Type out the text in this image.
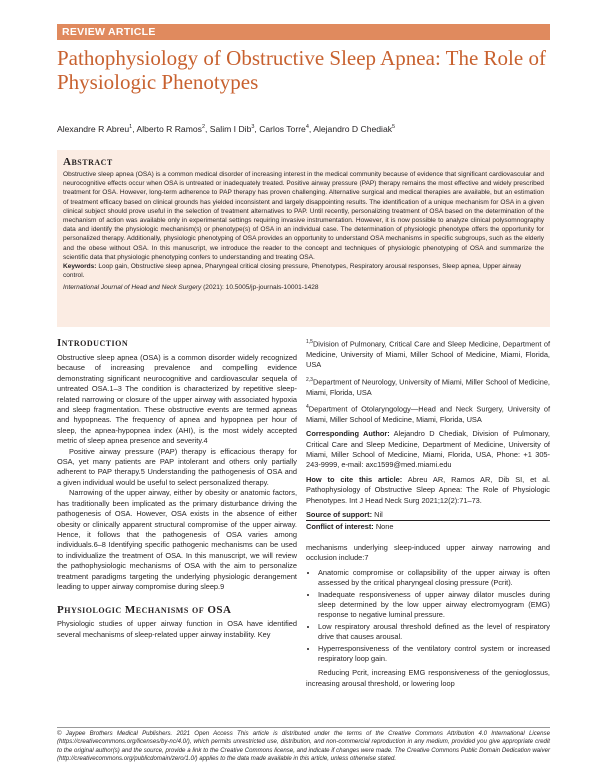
REVIEW ARTICLE
Pathophysiology of Obstructive Sleep Apnea: The Role of Physiologic Phenotypes
Alexandre R Abreu$^1$, Alberto R Ramos$^2$, Salim I Dib$^3$, Carlos Torre$^4$, Alejandro D Chediak$^5$
Abstract

Obstructive sleep apnea (OSA) is a common medical disorder of increasing interest in the medical community because of evidence that significant cardiovascular and neurocognitive effects occur when OSA is untreated or inadequately treated. Positive airway pressure (PAP) therapy remains the most effective and widely prescribed treatment for OSA. However, long-term adherence to PAP therapy has proven challenging. Alternative surgical and medical therapies are available, but an estimation of treatment efficacy based on clinical grounds has yielded inconsistent and largely disappointing results. The identification of a unique mechanism for OSA in a given clinical subject should prove useful in the selection of treatment alternatives to PAP. Until recently, personalizing treatment of OSA based on the determination of the mechanism of action was available only in experimental settings requiring invasive instrumentation. However, it is now possible to analyze clinical polysomnography data and identify the physiologic mechanism(s) or phenotype(s) of OSA in an individual case. The determination of physiologic phenotype offers the opportunity for personalized therapy. Additionally, physiologic phenotyping of OSA provides an opportunity to understand OSA mechanisms in specific subgroups, such as the elderly and the obese without OSA. In this manuscript, we introduce the reader to the concept and techniques of physiologic phenotyping of OSA and summarize the scientific data that physiologic phenotyping confers to understanding and treating OSA.

Keywords: Loop gain, Obstructive sleep apnea, Pharyngeal critical closing pressure, Phenotypes, Respiratory arousal responses, Sleep apnea, Upper airway control.

International Journal of Head and Neck Surgery (2021): 10.5005/jp-journals-10001-1428

Introduction

Obstructive sleep apnea (OSA) is a common disorder widely recognized because of increasing prevalence and compelling evidence demonstrating significant neurocognitive and cardiovascular sequela of untreated OSA.1–3 The condition is characterized by repetitive sleep-related narrowing or closure of the upper airway with associated hypoxia and sleep fragmentation. These obstructive events are termed apneas and hypopneas. The frequency of apnea and hypopnea per hour of sleep, the apnea-hypopnea index (AHI), is the most widely accepted metric of sleep apnea presence and severity.4

Positive airway pressure (PAP) therapy is efficacious therapy for OSA, yet many patients are PAP intolerant and others only partially adherent to PAP therapy.5 Understanding the pathogenesis of OSA and a given individual would be useful to select personalized therapy.

Narrowing of the upper airway, either by obesity or anatomic factors, has traditionally been implicated as the primary disturbance driving the pathogenesis of OSA. However, OSA exists in the absence of either obesity or clinically apparent structural compromise of the upper airway. Hence, it follows that the pathogenesis of OSA varies among individuals.6–8 Identifying specific pathogenic mechanisms can be used to individualize the treatment of OSA. In this manuscript, we will review the pathophysiologic mechanisms of OSA with the aim to personalize treatment paradigms targeting the underlying physiologic derangement leading to upper airway compromise during sleep.9

Physiologic Mechanisms of OSA

Physiologic studies of upper airway function in OSA have identified several mechanisms of sleep-related upper airway instability. Key

$^{1,5}$Division of Pulmonary, Critical Care and Sleep Medicine, Department of Medicine, University of Miami, Miller School of Medicine, Miami, Florida, USA

$^{2,3}$Department of Neurology, University of Miami, Miller School of Medicine, Miami, Florida, USA

$^4$Department of Otolaryngology—Head and Neck Surgery, University of Miami, Miller School of Medicine, Miami, Florida, USA

Corresponding Author: Alejandro D Chediak, Division of Pulmonary, Critical Care and Sleep Medicine, Department of Medicine, University of Miami, Miller School of Medicine, Miami, Florida, USA, Phone: +1 305-243-9999, e-mail: axc1599@med.miami.edu

How to cite this article: Abreu AR, Ramos AR, Dib SI, et al. Pathophysiology of Obstructive Sleep Apnea: The Role of Physiologic Phenotypes. Int J Head Neck Surg 2021;12(2):71–73.

Source of support: Nil

Conflict of interest: None

mechanisms underlying sleep-induced upper airway narrowing and occlusion include:7

• Anatomic compromise or collapsibility of the upper airway is often assessed by the critical pharyngeal closing pressure (Pcrit).
• Inadequate responsiveness of upper airway dilator muscles during sleep determined by the low upper airway electromyogram (EMG) response to negative luminal pressure.
• Low respiratory arousal threshold defined as the level of respiratory drive that causes arousal.
• Hyperresponsiveness of the ventilatory control system or increased respiratory loop gain.

Reducing Pcrit, increasing EMG responsiveness of the genioglossus, increasing arousal threshold, or lowering loop

© Jaypee Brothers Medical Publishers. 2021 Open Access This article is distributed under the terms of the Creative Commons Attribution 4.0 International License (https://creativecommons.org/licenses/by-nc/4.0/), which permits unrestricted use, distribution, and non-commercial reproduction in any medium, provided you give appropriate credit to the original author(s) and the source, provide a link to the Creative Commons license, and indicate if changes were made. The Creative Commons Public Domain Dedication waiver (http://creativecommons.org/publicdomain/zero/1.0/) applies to the data made available in this article, unless otherwise stated.
